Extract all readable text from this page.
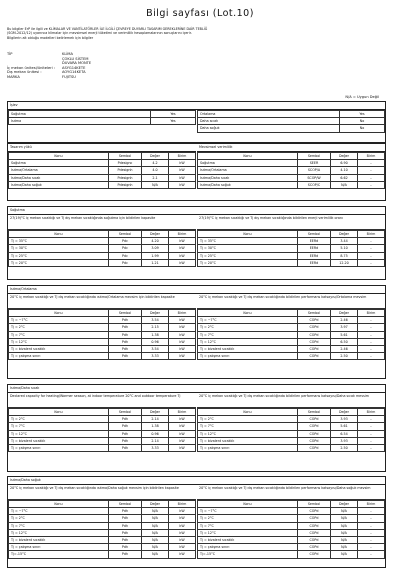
Bilgi sayfası (Lot.10)
Bu bilgiler ErP ile ilgili ve KLİMALAR VE VANTİLATÖRLER İLE İLGİLİ ÇEVREYE DUYARLI TASARIM GEREKLERİNE DAİR TEBLİĞ
(SGM-2012/12) uyarınca klimalar için mevsimsel enerji tüketimi ve verimlilik hesaplamalarının sonuçlarını içerir.
Bilgilerin ait olduğu modelleri belirlemek için bilgiler
TİP	KLİMA
ÇOKLU SİSTEM
DUVARA MONTE
İç mekan ünitesi/üniteleri :	ASYG14KETE
Dış mekan ünitesi :	AOYG14KETA
MARKA	FUJITSU
N/A = Uygun Değil
İşlev
Soğutma	Yes
Isıtma	Yes
Ortalama	Yes
Daha sıcak	No
Daha soğuk	No
Tasarım yükü
Konu	Sembol	Değer	Birim
Soğutma	Pdesignc	4.2	kW
Isıtma/Ortalama	Pdesignh	4.0	kW
Isıtma/Daha sıcak	Pdesignh	2.1	kW
Isıtma/Daha soğuk	Pdesignh	N/A	kW
Mevsimsel verimlilik
Konu	Sembol	Değer	Birim
Soğutma	SEER	6.90	–
Isıtma/Ortalama	SCOP/A	4.10	–
Isıtma/Daha sıcak	SCOP/W	6.62	–
Isıtma/Daha soğuk	SCOP/C	N/A	–
Soğutma
27(19)°C iç mekan sıcaklığı ve Tj dış mekan sıcaklığında soğutma için bildirilen kapasite
Konu	Sembol	Değer	Birim
Tj = 35°C	Pdc	4.20	kW
Tj = 30°C	Pdc	3.09	kW
Tj = 25°C	Pdc	1.99	kW
Tj = 20°C	Pdc	1.21	kW
27(19)°C iç mekan sıcaklığı ve Tj dış mekan sıcaklığında bildirilen enerji verimlilik oranı
Konu	Sembol	Değer	Birim
Tj = 35°C	EERd	3.44	–
Tj = 30°C	EERd	5.10	–
Tj = 25°C	EERd	8.75	–
Tj = 20°C	EERd	12.20	–
Isıtma/Ortalama
20°C iç mekan sıcaklığı ve Tj dış mekan sıcaklığında ısıtma/Ortalama mevsim için bildirilen kapasite
Konu	Sembol	Değer	Birim
Tj = −7°C	Pdh	3.54	kW
Tj = 2°C	Pdh	2.15	kW
Tj = 7°C	Pdh	1.38	kW
Tj = 12°C	Pdh	0.96	kW
Tj = bivalent sıcaklık	Pdh	3.54	kW
Tj = çalışma sınırı	Pdh	3.33	kW
20°C iç mekan sıcaklığı ve Tj dış mekan sıcaklığında bildirilen performans katsayısı/Ortalama mevsim
Konu	Sembol	Değer	Birim
Tj = −7°C	COPd	2.46	–
Tj = 2°C	COPd	3.97	–
Tj = 7°C	COPd	5.61	–
Tj = 12°C	COPd	6.50	–
Tj = bivalent sıcaklık	COPd	2.46	–
Tj = çalışma sınırı	COPd	2.50	–
Isıtma/Daha sıcak
Declared capacity for heating/Warmer season, at indoor temperature 20°C and outdoor temperature Tj
Konu	Sembol	Değer	Birim
Tj = 2°C	Pdh	2.14	kW
Tj = 7°C	Pdh	1.38	kW
Tj = 12°C	Pdh	0.96	kW
Tj = bivalent sıcaklık	Pdh	2.14	kW
Tj = çalışma sınırı	Pdh	3.33	kW
20°C iç mekan sıcaklığı ve Tj dış mekan sıcaklığında bildirilen performans katsayısı/Daha sıcak mevsim
Konu	Sembol	Değer	Birim
Tj = 2°C	COPd	3.93	–
Tj = 7°C	COPd	5.61	–
Tj = 12°C	COPd	6.54	–
Tj = bivalent sıcaklık	COPd	3.93	–
Tj = çalışma sınırı	COPd	2.50	–
Isıtma/Daha soğuk
20°C iç mekan sıcaklığı ve Tj dış mekan sıcaklığında ısıtma/Daha soğuk mevsim için bildirilen kapasite
Konu	Sembol	Değer	Birim
Tj = −7°C	Pdh	N/A	kW
Tj = 2°C	Pdh	N/A	kW
Tj = 7°C	Pdh	N/A	kW
Tj = 12°C	Pdh	N/A	kW
Tj = bivalent sıcaklık	Pdh	N/A	kW
Tj = çalışma sınırı	Pdh	N/A	kW
Tj=-15°C	Pdh	N/A	kW
20°C iç mekan sıcaklığı ve Tj dış mekan sıcaklığında bildirilen performans katsayısı/Daha soğuk mevsim
Konu	Sembol	Değer	Birim
Tj = −7°C	COPd	N/A	–
Tj = 2°C	COPd	N/A	–
Tj = 7°C	COPd	N/A	–
Tj = 12°C	COPd	N/A	–
Tj = bivalent sıcaklık	COPd	N/A	–
Tj = çalışma sınırı	COPd	N/A	–
Tj=-15°C	COPd	N/A	–
